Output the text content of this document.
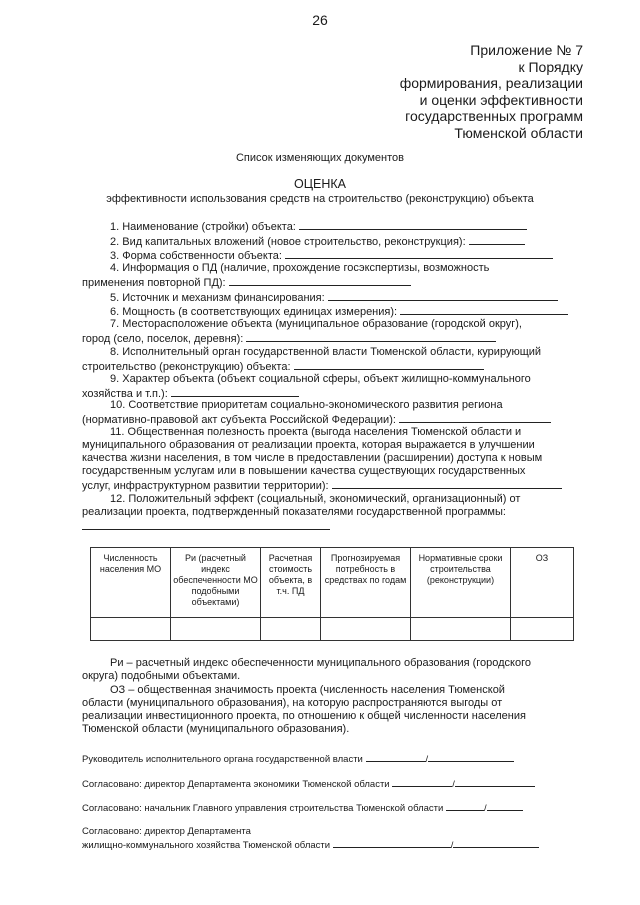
26
Приложение № 7
к Порядку
формирования, реализации
и оценки эффективности
государственных программ
Тюменской области
Список изменяющих документов
ОЦЕНКА
эффективности использования средств на строительство (реконструкцию) объекта
1. Наименование (стройки) объекта:
2. Вид капитальных вложений (новое строительство, реконструкция):
3. Форма собственности объекта:
4. Информация о ПД (наличие, прохождение госэкспертизы, возможность
применения повторной ПД):
5. Источник и механизм финансирования:
6. Мощность (в соответствующих единицах измерения):
7. Месторасположение объекта (муниципальное образование (городской округ),
город (село, поселок, деревня):
8. Исполнительный орган государственной власти Тюменской области, курирующий
строительство (реконструкцию) объекта:
9. Характер объекта (объект социальной сферы, объект жилищно-коммунального
хозяйства и т.п.):
10. Соответствие приоритетам социально-экономического развития региона
(нормативно-правовой акт субъекта Российской Федерации):
11. Общественная полезность проекта (выгода населения Тюменской области и
муниципального образования от реализации проекта, которая выражается в улучшении
качества жизни населения, в том числе в предоставлении (расширении) доступа к новым
государственным услугам или в повышении качества существующих государственных
услуг, инфраструктурном развитии территории):
12. Положительный эффект (социальный, экономический, организационный) от
реализации проекта, подтвержденный показателями государственной программы:
Численность населения МО	Ри (расчетный индекс обеспеченности МО подобными объектами)	Расчетная стоимость объекта, в т.ч. ПД	Прогнозируемая потребность в средствах по годам	Нормативные сроки строительства (реконструкции)	ОЗ

Ри – расчетный индекс обеспеченности муниципального образования (городского
округа) подобными объектами.
ОЗ – общественная значимость проекта (численность населения Тюменской
области (муниципального образования), на которую распространяются выгоды от
реализации инвестиционного проекта, по отношению к общей численности населения
Тюменской области (муниципального образования).
Руководитель исполнительного органа государственной власти	/
Согласовано: директор Департамента экономики Тюменской области	/
Согласовано: начальник Главного управления строительства Тюменской области	/
Согласовано: директор Департамента
жилищно-коммунального хозяйства Тюменской области	/
